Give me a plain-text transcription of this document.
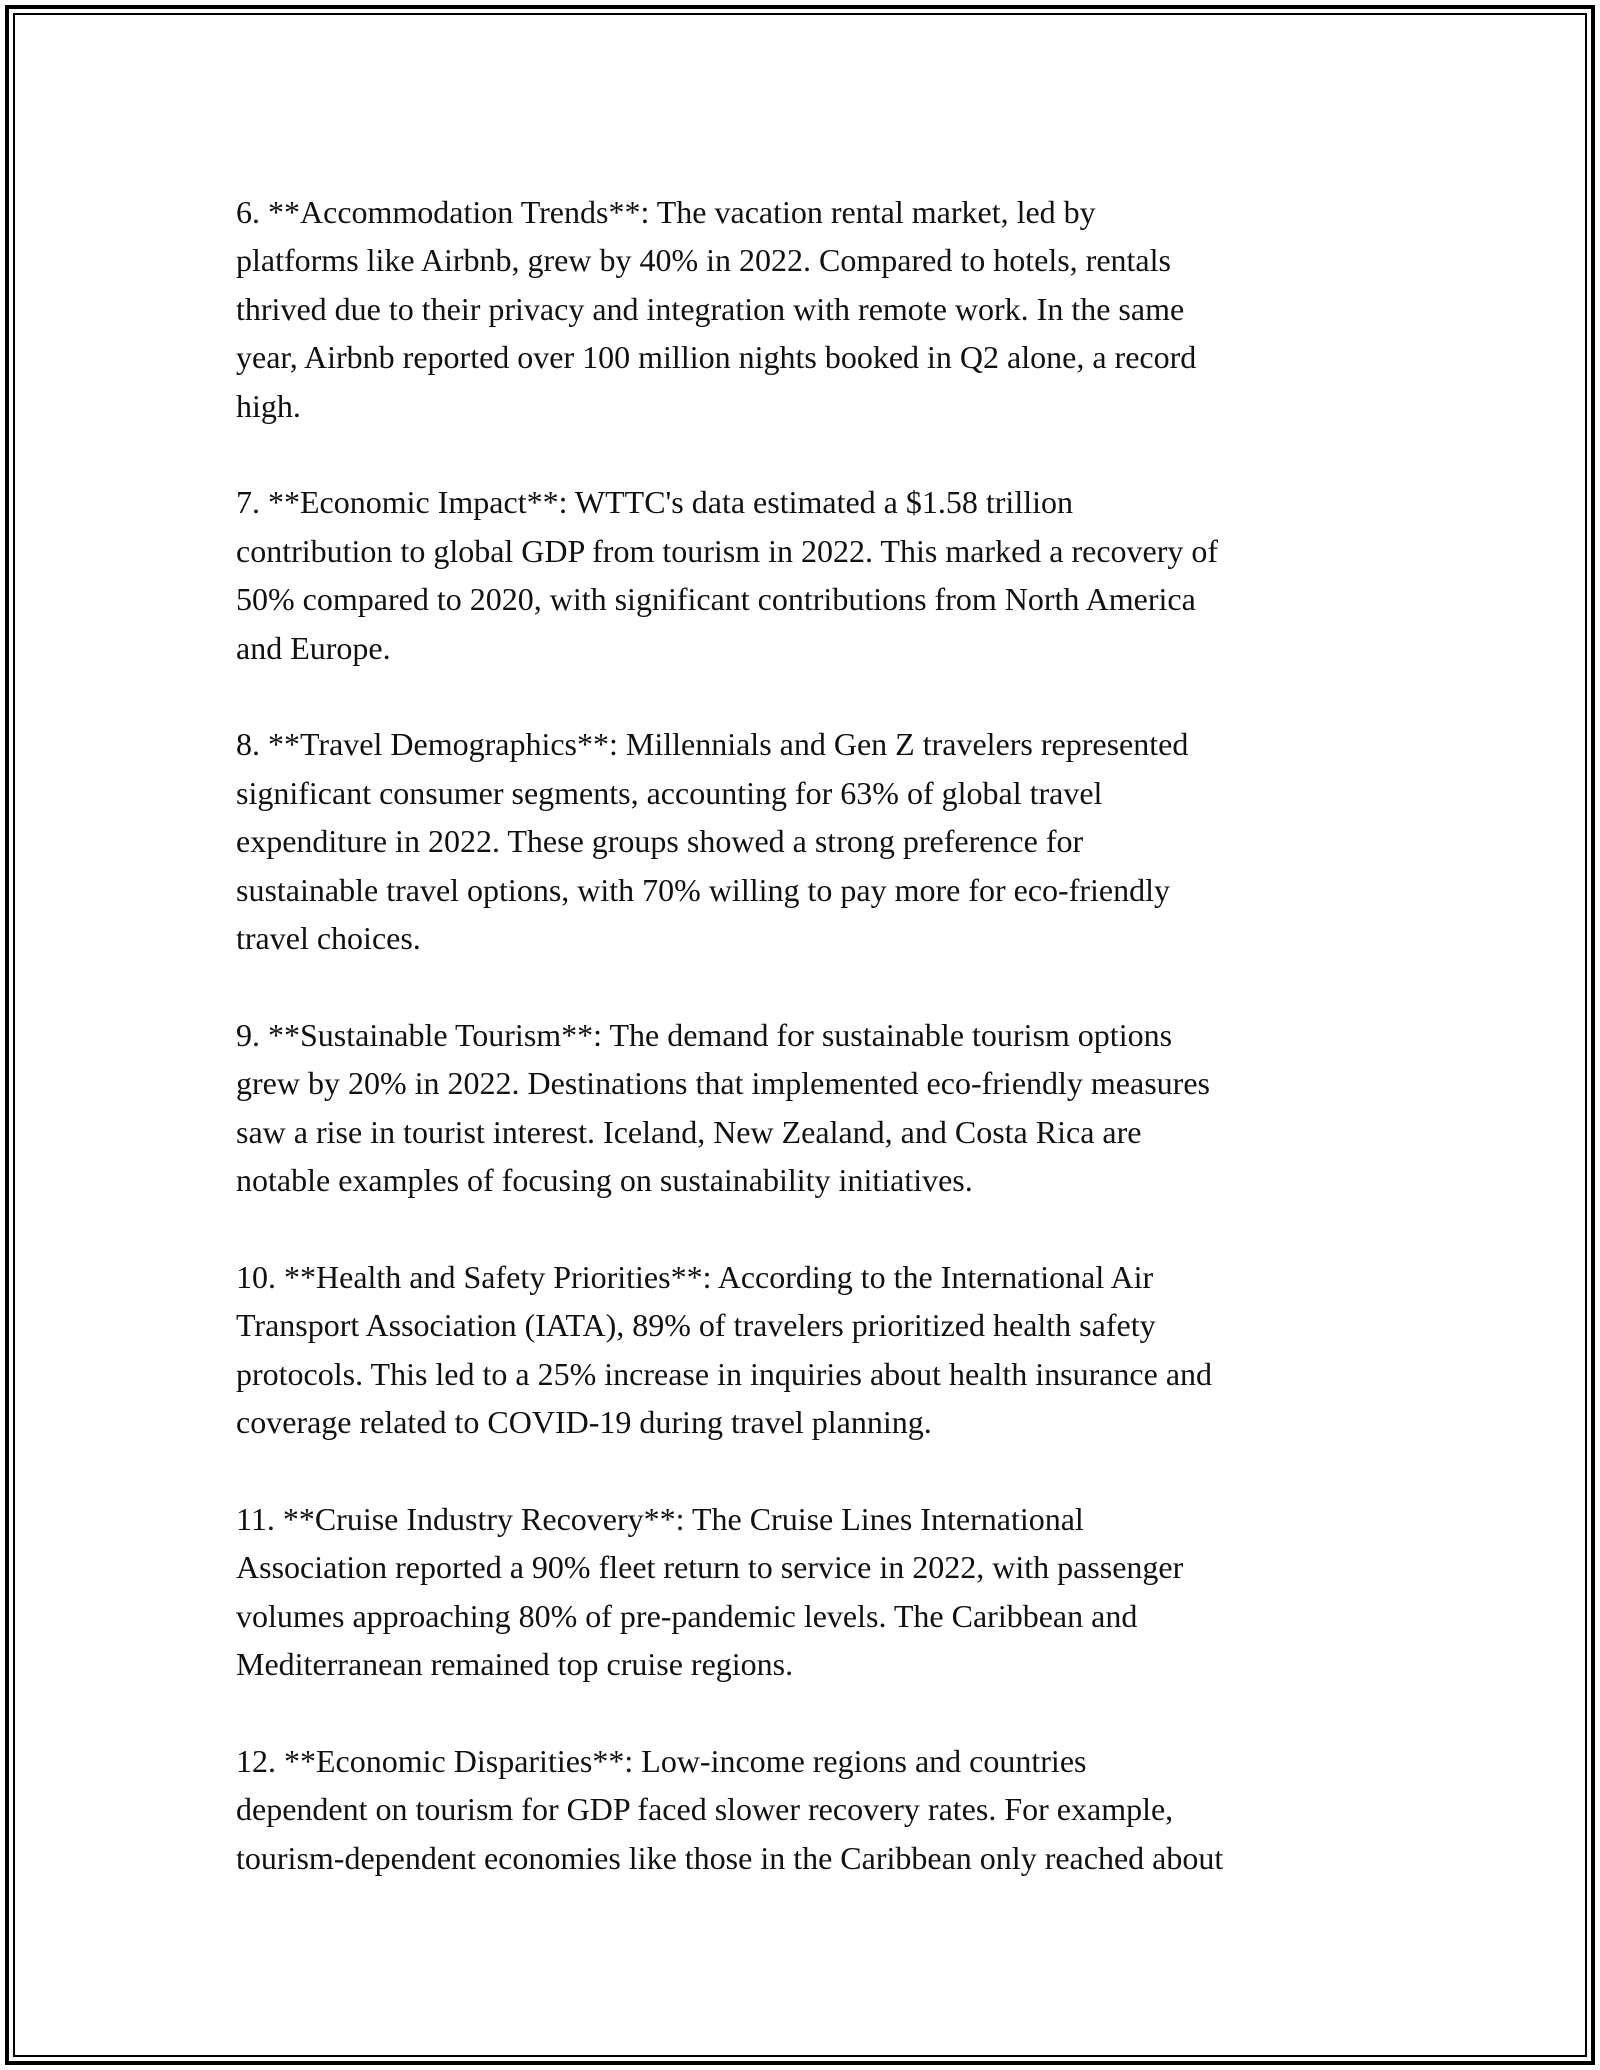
6. **Accommodation Trends**: The vacation rental market, led by
platforms like Airbnb, grew by 40% in 2022. Compared to hotels, rentals
thrived due to their privacy and integration with remote work. In the same
year, Airbnb reported over 100 million nights booked in Q2 alone, a record
high.

7. **Economic Impact**: WTTC's data estimated a $1.58 trillion
contribution to global GDP from tourism in 2022. This marked a recovery of
50% compared to 2020, with significant contributions from North America
and Europe.

8. **Travel Demographics**: Millennials and Gen Z travelers represented
significant consumer segments, accounting for 63% of global travel
expenditure in 2022. These groups showed a strong preference for
sustainable travel options, with 70% willing to pay more for eco-friendly
travel choices.

9. **Sustainable Tourism**: The demand for sustainable tourism options
grew by 20% in 2022. Destinations that implemented eco-friendly measures
saw a rise in tourist interest. Iceland, New Zealand, and Costa Rica are
notable examples of focusing on sustainability initiatives.

10. **Health and Safety Priorities**: According to the International Air
Transport Association (IATA), 89% of travelers prioritized health safety
protocols. This led to a 25% increase in inquiries about health insurance and
coverage related to COVID-19 during travel planning.

11. **Cruise Industry Recovery**: The Cruise Lines International
Association reported a 90% fleet return to service in 2022, with passenger
volumes approaching 80% of pre-pandemic levels. The Caribbean and
Mediterranean remained top cruise regions.

12. **Economic Disparities**: Low-income regions and countries
dependent on tourism for GDP faced slower recovery rates. For example,
tourism-dependent economies like those in the Caribbean only reached about
